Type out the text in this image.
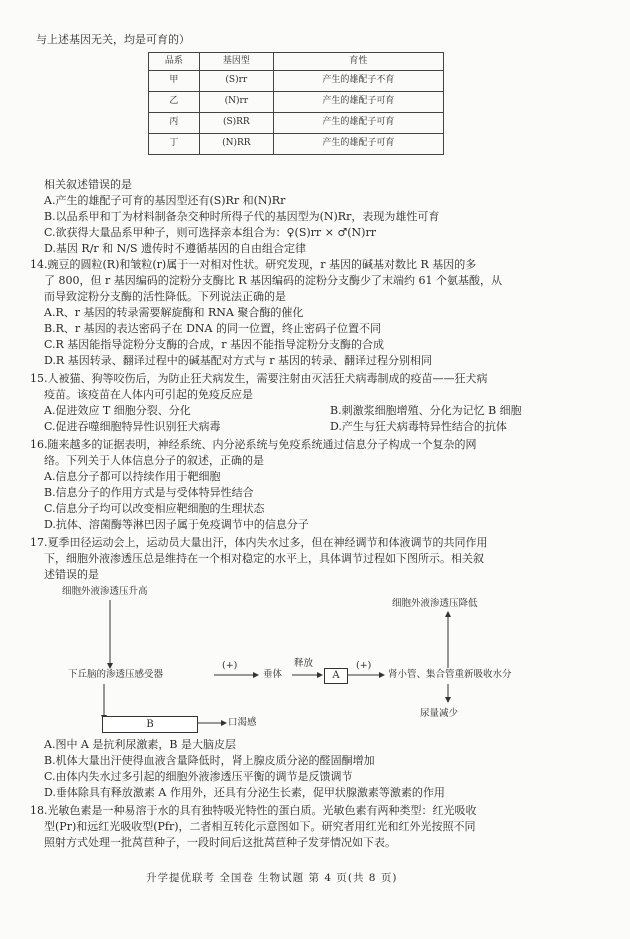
与上述基因无关，均是可育的）
品系	基因型	育性
甲	(S)rr	产生的雄配子不育
乙	(N)rr	产生的雄配子可育
丙	(S)RR	产生的雄配子可育
丁	(N)RR	产生的雄配子可育
相关叙述错误的是
A.产生的雄配子可育的基因型还有(S)Rr 和(N)Rr
B.以品系甲和丁为材料制备杂交种时所得子代的基因型为(N)Rr，表现为雄性可育
C.欲获得大量品系甲种子，则可选择亲本组合为：♀(S)rr × ♂(N)rr
D.基因 R/r 和 N/S 遗传时不遵循基因的自由组合定律
14.豌豆的圆粒(R)和皱粒(r)属于一对相对性状。研究发现，r 基因的碱基对数比 R 基因的多
了 800，但 r 基因编码的淀粉分支酶比 R 基因编码的淀粉分支酶少了末端约 61 个氨基酸，从
而导致淀粉分支酶的活性降低。下列说法正确的是
A.R、r 基因的转录需要解旋酶和 RNA 聚合酶的催化
B.R、r 基因的表达密码子在 DNA 的同一位置，终止密码子位置不同
C.R 基因能指导淀粉分支酶的合成，r 基因不能指导淀粉分支酶的合成
D.R 基因转录、翻译过程中的碱基配对方式与 r 基因的转录、翻译过程分别相同
15.人被猫、狗等咬伤后，为防止狂犬病发生，需要注射由灭活狂犬病毒制成的疫苗——狂犬病
疫苗。该疫苗在人体内可引起的免疫反应是
A.促进效应 T 细胞分裂、分化	B.刺激浆细胞增殖、分化为记忆 B 细胞
C.促进吞噬细胞特异性识别狂犬病毒	D.产生与狂犬病毒特异性结合的抗体
16.随来越多的证据表明，神经系统、内分泌系统与免疫系统通过信息分子构成一个复杂的网
络。下列关于人体信息分子的叙述，正确的是
A.信息分子都可以持续作用于靶细胞
B.信息分子的作用方式是与受体特异性结合
C.信息分子均可以改变相应靶细胞的生理状态
D.抗体、溶菌酶等淋巴因子属于免疫调节中的信息分子
17.夏季田径运动会上，运动员大量出汗，体内失水过多，但在神经调节和体液调节的共同作用
下，细胞外液渗透压总是维持在一个相对稳定的水平上，具体调节过程如下图所示。相关叙
述错误的是
细胞外液渗透压升高
细胞外液渗透压降低
下丘脑的渗透压感受器
(+)
垂体
释放
A
(+)
肾小管、集合管重新吸收水分
尿量减少
B	口渴感
A.图中 A 是抗利尿激素，B 是大脑皮层
B.机体大量出汗使得血液含量降低时，肾上腺皮质分泌的醛固酮增加
C.由体内失水过多引起的细胞外液渗透压平衡的调节是反馈调节
D.垂体除具有释放激素 A 作用外，还具有分泌生长素，促甲状腺激素等激素的作用
18.光敏色素是一种易溶于水的具有独特吸光特性的蛋白质。光敏色素有两种类型：红光吸收
型(Pr)和远红光吸收型(Pfr)，二者相互转化示意图如下。研究者用红光和红外光按照不同
照射方式处理一批莴苣种子，一段时间后这批莴苣种子发芽情况如下表。
升学提优联考 全国卷 生物试题 第 4 页(共 8 页)
